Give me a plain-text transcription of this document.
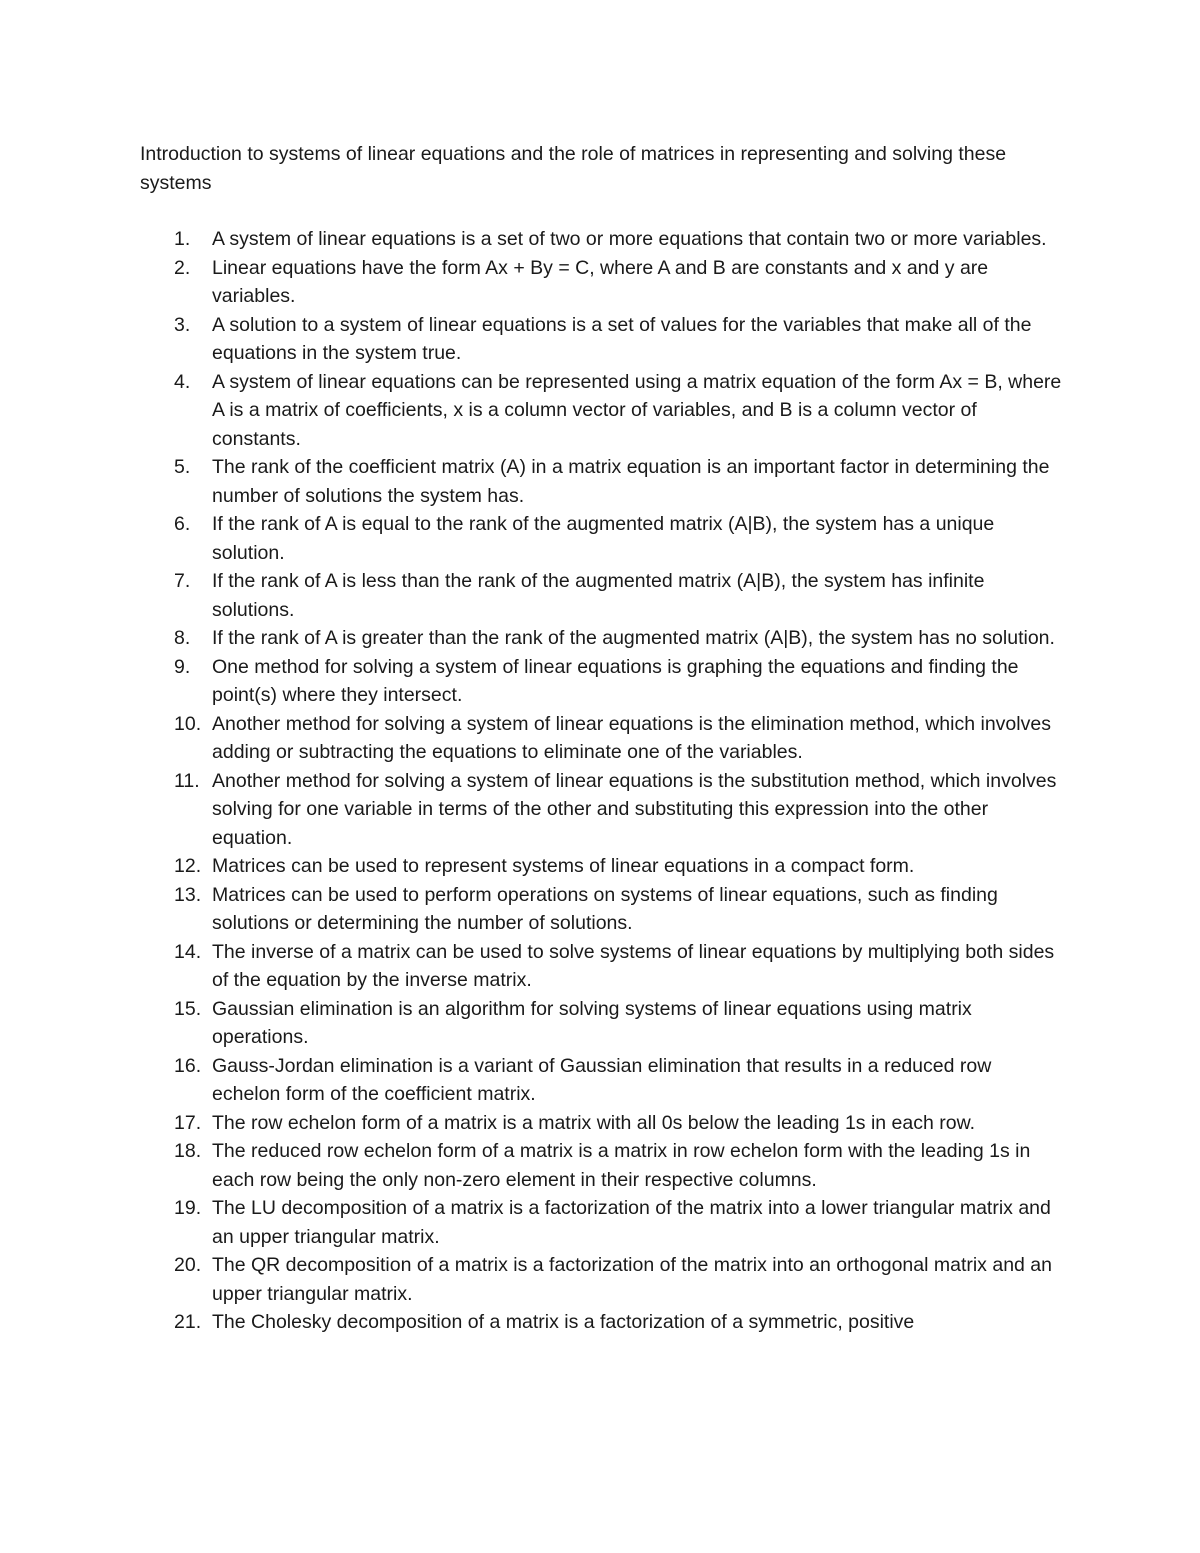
Introduction to systems of linear equations and the role of matrices in representing and solving these systems

1.	A system of linear equations is a set of two or more equations that contain two or more variables.
2.	Linear equations have the form Ax + By = C, where A and B are constants and x and y are variables.
3.	A solution to a system of linear equations is a set of values for the variables that make all of the equations in the system true.
4.	A system of linear equations can be represented using a matrix equation of the form Ax = B, where A is a matrix of coefficients, x is a column vector of variables, and B is a column vector of constants.
5.	The rank of the coefficient matrix (A) in a matrix equation is an important factor in determining the number of solutions the system has.
6.	If the rank of A is equal to the rank of the augmented matrix (A|B), the system has a unique solution.
7.	If the rank of A is less than the rank of the augmented matrix (A|B), the system has infinite solutions.
8.	If the rank of A is greater than the rank of the augmented matrix (A|B), the system has no solution.
9.	One method for solving a system of linear equations is graphing the equations and finding the point(s) where they intersect.
10. Another method for solving a system of linear equations is the elimination method, which involves adding or subtracting the equations to eliminate one of the variables.
11. Another method for solving a system of linear equations is the substitution method, which involves solving for one variable in terms of the other and substituting this expression into the other equation.
12. Matrices can be used to represent systems of linear equations in a compact form.
13. Matrices can be used to perform operations on systems of linear equations, such as finding solutions or determining the number of solutions.
14. The inverse of a matrix can be used to solve systems of linear equations by multiplying both sides of the equation by the inverse matrix.
15. Gaussian elimination is an algorithm for solving systems of linear equations using matrix operations.
16. Gauss-Jordan elimination is a variant of Gaussian elimination that results in a reduced row echelon form of the coefficient matrix.
17. The row echelon form of a matrix is a matrix with all 0s below the leading 1s in each row.
18. The reduced row echelon form of a matrix is a matrix in row echelon form with the leading 1s in each row being the only non-zero element in their respective columns.
19. The LU decomposition of a matrix is a factorization of the matrix into a lower triangular matrix and an upper triangular matrix.
20. The QR decomposition of a matrix is a factorization of the matrix into an orthogonal matrix and an upper triangular matrix.
21. The Cholesky decomposition of a matrix is a factorization of a symmetric, positive
